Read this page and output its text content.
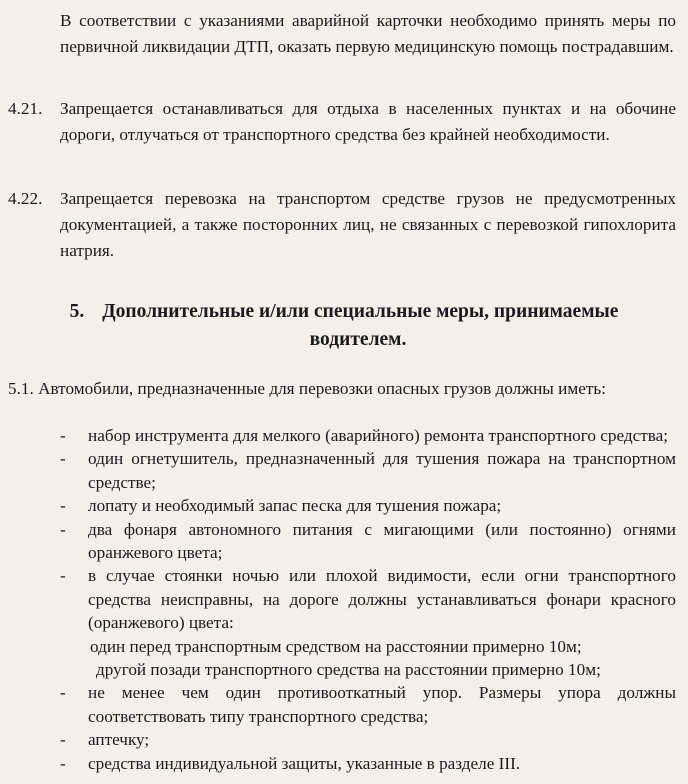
В соответствии с указаниями аварийной карточки необходимо принять меры по первичной ликвидации ДТП, оказать первую медицинскую помощь пострадавшим.
4.21. Запрещается останавливаться для отдыха в населенных пунктах и на обочине дороги, отлучаться от транспортного средства без крайней необходимости.
4.22. Запрещается перевозка на транспортом средстве грузов не предусмотренных документацией, а также посторонних лиц, не связанных с перевозкой гипохлорита натрия.
5. Дополнительные и/или специальные меры, принимаемые
водителем.
5.1. Автомобили, предназначенные для перевозки опасных грузов должны иметь:
- набор инструмента для мелкого (аварийного) ремонта транспортного средства;
- один огнетушитель, предназначенный для тушения пожара на транспортном средстве;
- лопату и необходимый запас песка для тушения пожара;
- два фонаря автономного питания с мигающими (или постоянно) огнями оранжевого цвета;
- в случае стоянки ночью или плохой видимости, если огни транспортного средства неисправны, на дороге должны устанавливаться фонари красного (оранжевого) цвета:
один перед транспортным средством на расстоянии примерно 10м;
другой позади транспортного средства на расстоянии примерно 10м;
- не менее чем один противооткатный упор. Размеры упора должны соответствовать типу транспортного средства;
- аптечку;
- средства индивидуальной защиты, указанные в разделе III.
